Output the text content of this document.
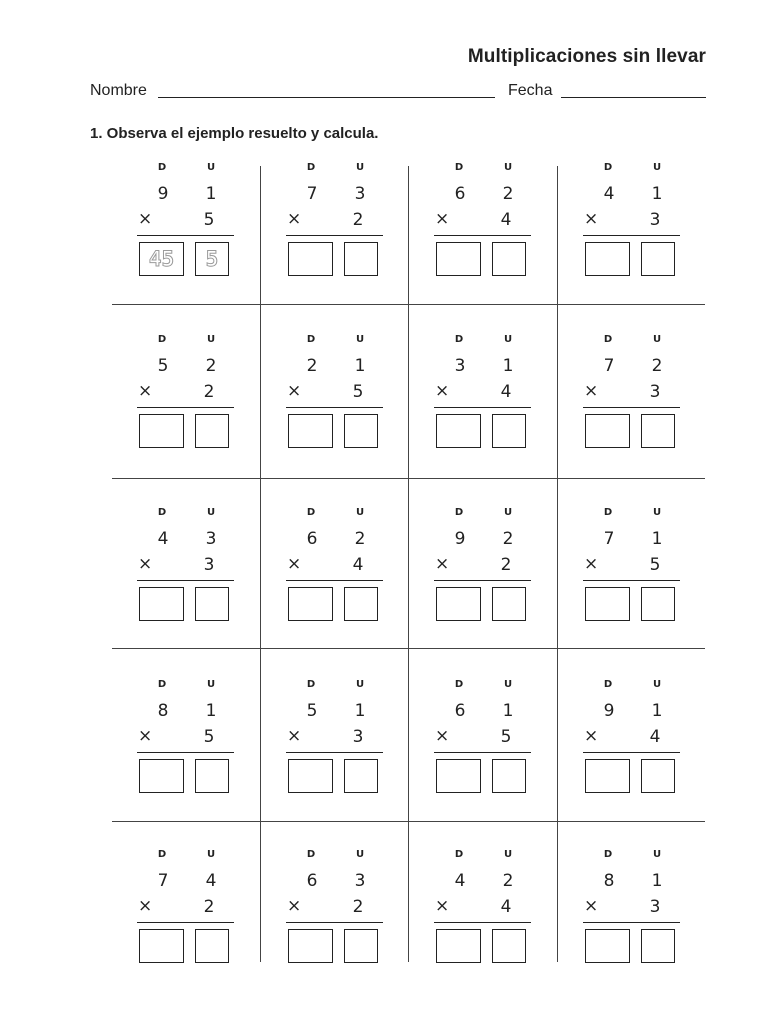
Multiplicaciones sin llevar
Nombre	Fecha
1. Observa el ejemplo resuelto y calcula.
D	U
9 1
×	5
45	5
D	U
7 3
×	2
D	U
6 2
×	4
D	U
4 1
×	3
D	U
5 2
×	2
D	U
2 1
×	5
D	U
3 1
×	4
D	U
7 2
×	3
D	U
4 3
×	3
D	U
6 2
×	4
D	U
9 2
×	2
D	U
7 1
×	5
D	U
8 1
×	5
D	U
5 1
×	3
D	U
6 1
×	5
D	U
9 1
×	4
D	U
7 4
×	2
D	U
6 3
×	2
D	U
4 2
×	4
D	U
8 1
×	3
